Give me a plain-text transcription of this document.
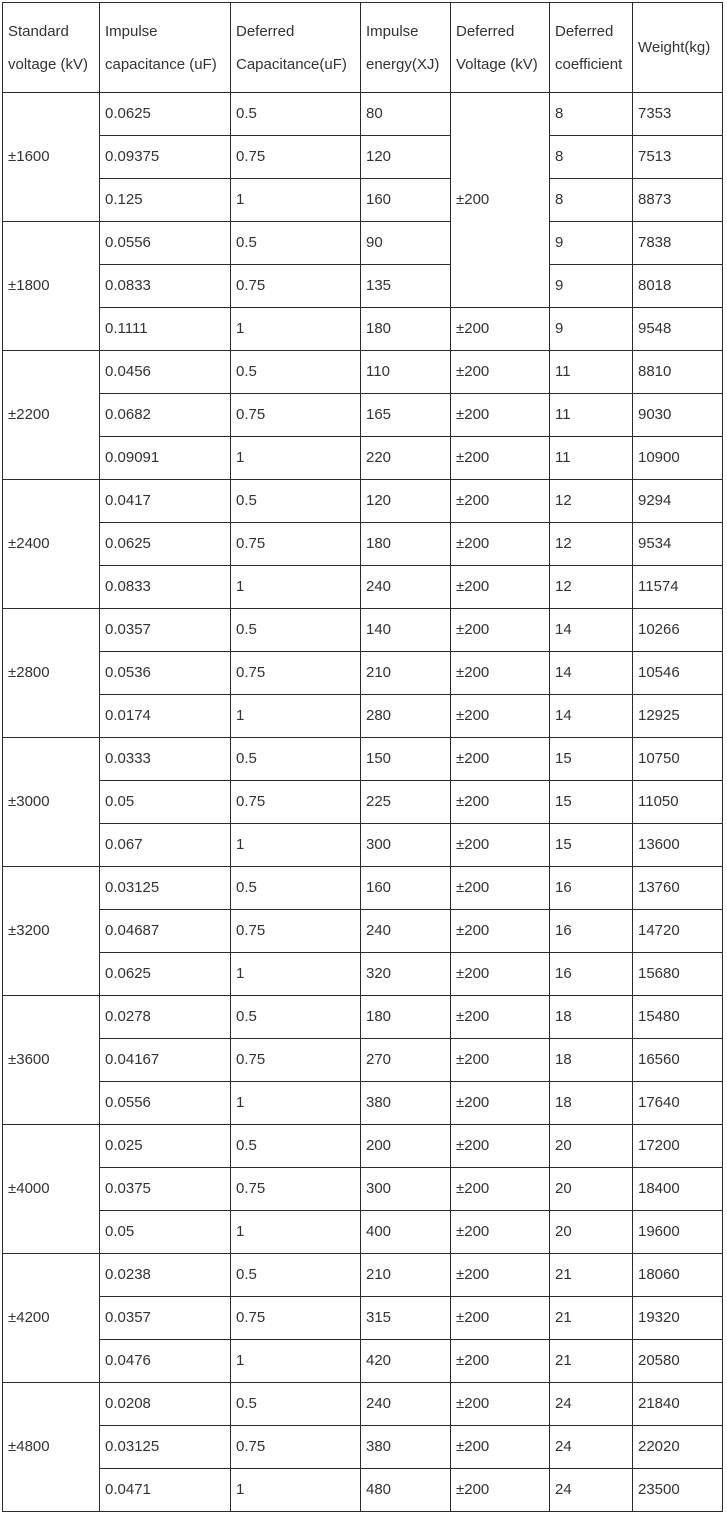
Standard voltage (kV)	Impulse capacitance (uF)	Deferred Capacitance(uF)	Impulse energy(XJ)	Deferred Voltage (kV)	Deferred coefficient	Weight(kg)
±1600	0.0625	0.5	80	±200	8	7353
	0.09375	0.75	120		8	7513
	0.125	1	160		8	8873
±1800	0.0556	0.5	90		9	7838
	0.0833	0.75	135		9	8018
	0.1111	1	180	±200	9	9548
±2200	0.0456	0.5	110	±200	11	8810
	0.0682	0.75	165	±200	11	9030
	0.09091	1	220	±200	11	10900
±2400	0.0417	0.5	120	±200	12	9294
	0.0625	0.75	180	±200	12	9534
	0.0833	1	240	±200	12	11574
±2800	0.0357	0.5	140	±200	14	10266
	0.0536	0.75	210	±200	14	10546
	0.0174	1	280	±200	14	12925
±3000	0.0333	0.5	150	±200	15	10750
	0.05	0.75	225	±200	15	11050
	0.067	1	300	±200	15	13600
±3200	0.03125	0.5	160	±200	16	13760
	0.04687	0.75	240	±200	16	14720
	0.0625	1	320	±200	16	15680
±3600	0.0278	0.5	180	±200	18	15480
	0.04167	0.75	270	±200	18	16560
	0.0556	1	380	±200	18	17640
±4000	0.025	0.5	200	±200	20	17200
	0.0375	0.75	300	±200	20	18400
	0.05	1	400	±200	20	19600
±4200	0.0238	0.5	210	±200	21	18060
	0.0357	0.75	315	±200	21	19320
	0.0476	1	420	±200	21	20580
±4800	0.0208	0.5	240	±200	24	21840
	0.03125	0.75	380	±200	24	22020
	0.0471	1	480	±200	24	23500
